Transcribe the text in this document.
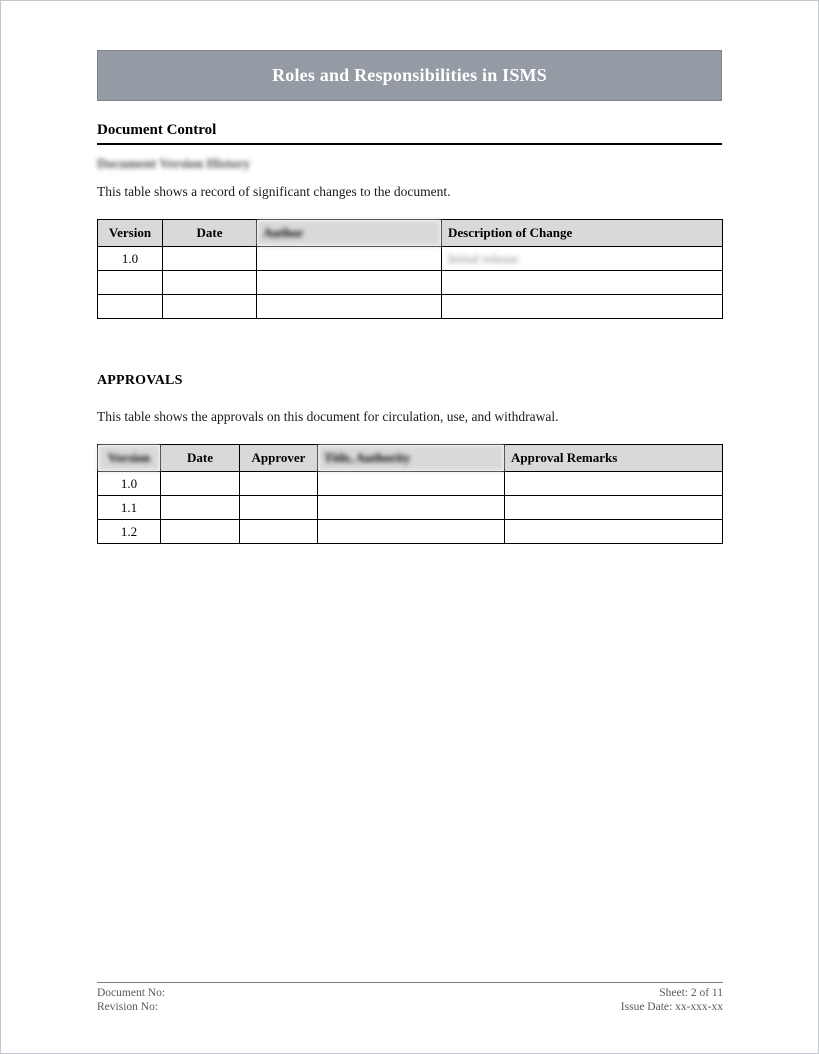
Roles and Responsibilities in ISMS
Document Control
Document Version History

This table shows a record of significant changes to the document.

Version	Date	Author	Description of Change
1.0			Initial release

APPROVALS

This table shows the approvals on this document for circulation, use, and withdrawal.

Version	Date	Approver	Title, Authority	Approval Remarks
1.0				
1.1				
1.2				
Document No:
Revision No:
Sheet: 2 of 11
Issue Date: xx-xxx-xx
